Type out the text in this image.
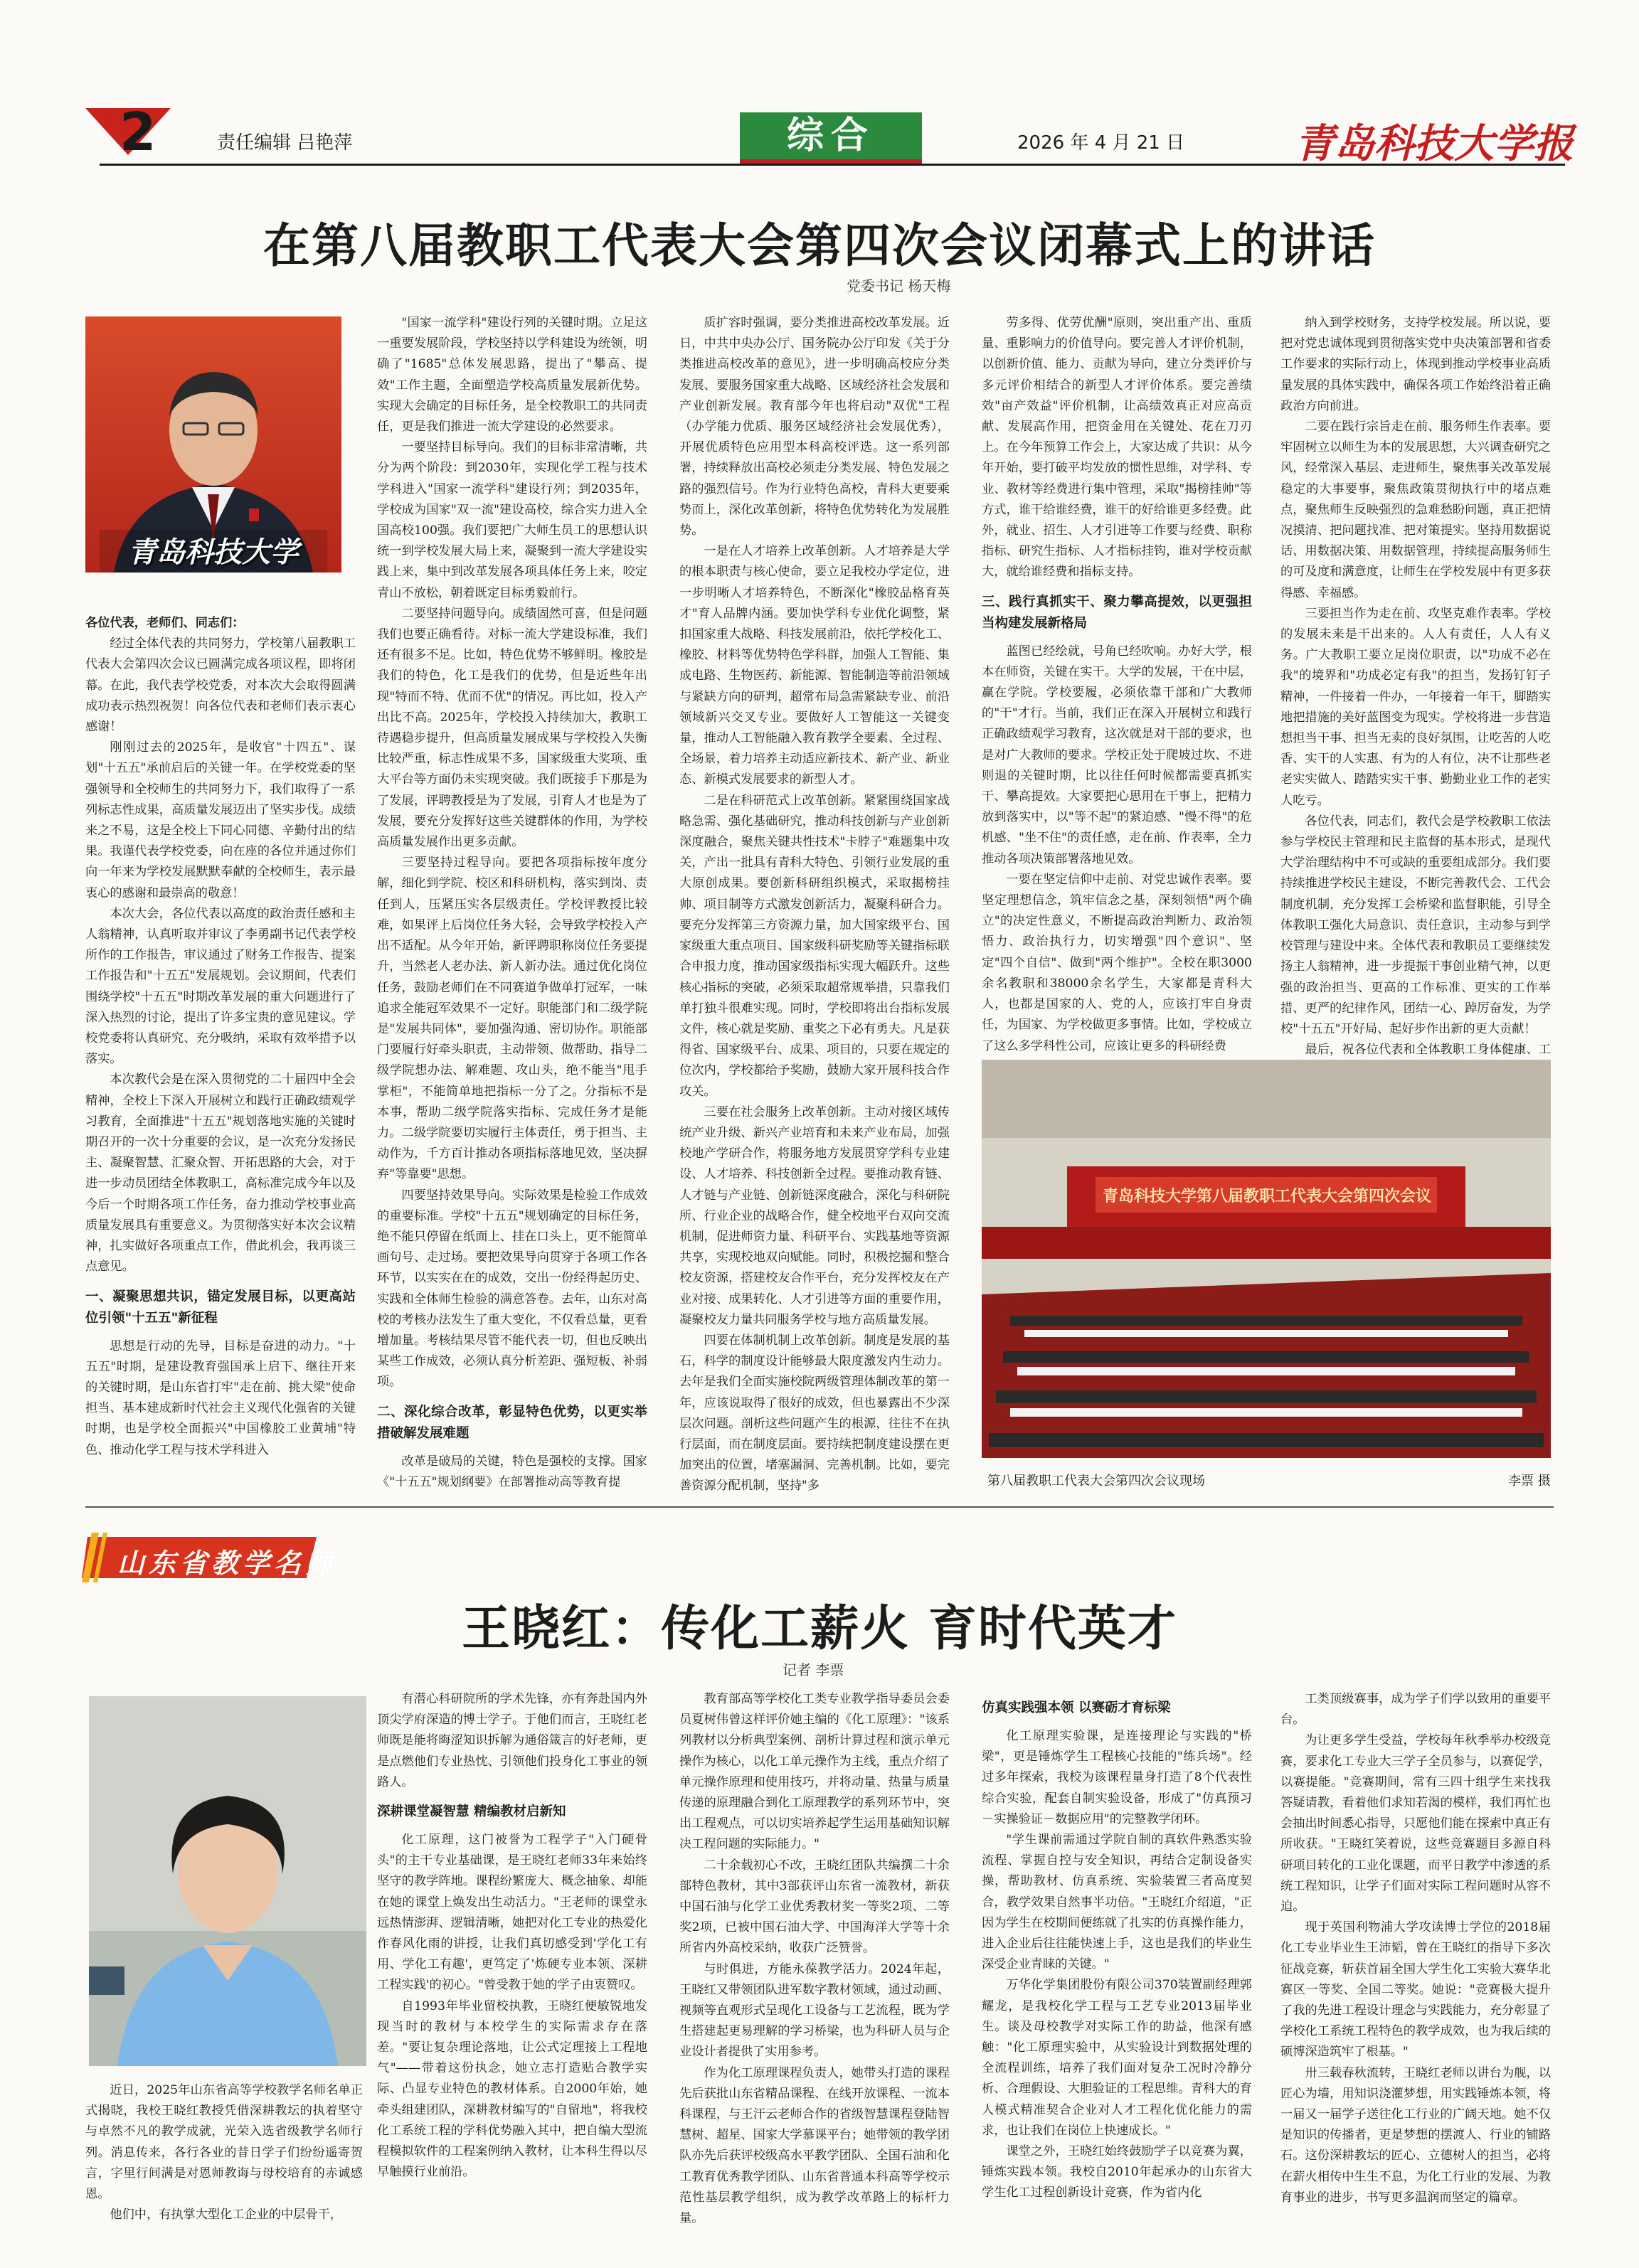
2	责任编辑 吕艳萍	综合	2026 年 4 月 21 日	青岛科技大学报
在第八届教职工代表大会第四次会议闭幕式上的讲话
党委书记 杨天梅
青岛科技大学

各位代表，老师们、同志们：

经过全体代表的共同努力，学校第八届教职工代表大会第四次会议已圆满完成各项议程，即将闭幕。在此，我代表学校党委，对本次大会取得圆满成功表示热烈祝贺！向各位代表和老师们表示衷心感谢！

刚刚过去的2025年，是收官"十四五"、谋划"十五五"承前启后的关键一年。在学校党委的坚强领导和全校师生的共同努力下，我们取得了一系列标志性成果，高质量发展迈出了坚实步伐。成绩来之不易，这是全校上下同心同德、辛勤付出的结果。我谨代表学校党委，向在座的各位并通过你们向一年来为学校发展默默奉献的全校师生，表示最衷心的感谢和最崇高的敬意！

本次大会，各位代表以高度的政治责任感和主人翁精神，认真听取并审议了李勇副书记代表学校所作的工作报告，审议通过了财务工作报告、提案工作报告和"十五五"发展规划。会议期间，代表们围绕学校"十五五"时期改革发展的重大问题进行了深入热烈的讨论，提出了许多宝贵的意见建议。学校党委将认真研究、充分吸纳，采取有效举措予以落实。

本次教代会是在深入贯彻党的二十届四中全会精神，全校上下深入开展树立和践行正确政绩观学习教育，全面推进"十五五"规划落地实施的关键时期召开的一次十分重要的会议，是一次充分发扬民主、凝聚智慧、汇聚众智、开拓思路的大会，对于进一步动员团结全体教职工，高标准完成今年以及今后一个时期各项工作任务，奋力推动学校事业高质量发展具有重要意义。为贯彻落实好本次会议精神，扎实做好各项重点工作，借此机会，我再谈三点意见。

一、凝聚思想共识，锚定发展目标，以更高站位引领"十五五"新征程

思想是行动的先导，目标是奋进的动力。"十五五"时期，是建设教育强国承上启下、继往开来的关键时期，是山东省打牢"走在前、挑大梁"使命担当、基本建成新时代社会主义现代化强省的关键时期，也是学校全面振兴"中国橡胶工业黄埔"特色、推动化学工程与技术学科进入

"国家一流学科"建设行列的关键时期。立足这一重要发展阶段，学校坚持以学科建设为统领，明确了"1685"总体发展思路，提出了"攀高、提效"工作主题，全面塑造学校高质量发展新优势。实现大会确定的目标任务，是全校教职工的共同责任，更是我们推进一流大学建设的必然要求。

一要坚持目标导向。我们的目标非常清晰，共分为两个阶段：到2030年，实现化学工程与技术学科进入"国家一流学科"建设行列；到2035年，学校成为国家"双一流"建设高校，综合实力进入全国高校100强。我们要把广大师生员工的思想认识统一到学校发展大局上来，凝聚到一流大学建设实践上来，集中到改革发展各项具体任务上来，咬定青山不放松，朝着既定目标勇毅前行。

二要坚持问题导向。成绩固然可喜，但是问题我们也要正确看待。对标一流大学建设标准，我们还有很多不足。比如，特色优势不够鲜明。橡胶是我们的特色，化工是我们的优势，但是近些年出现"特而不特、优而不优"的情况。再比如，投入产出比不高。2025年，学校投入持续加大，教职工待遇稳步提升，但高质量发展成果与学校投入失衡比较严重，标志性成果不多，国家级重大奖项、重大平台等方面仍未实现突破。我们既接手下那是为了发展，评聘教授是为了发展，引育人才也是为了发展，要充分发挥好这些关键群体的作用，为学校高质量发展作出更多贡献。

三要坚持过程导向。要把各项指标按年度分解，细化到学院、校区和科研机构，落实到岗、责任到人，压紧压实各层级责任。学校评教授比较难，如果评上后岗位任务大轻，会导致学校投入产出不适配。从今年开始，新评聘职称岗位任务要提升，当然老人老办法、新人新办法。通过优化岗位任务，鼓励老师们在不同赛道争做单打冠军，一味追求全能冠军效果不一定好。职能部门和二级学院是"发展共同体"，要加强沟通、密切协作。职能部门要履行好牵头职责，主动带领、做帮助、指导二级学院想办法、解难题、攻山头，绝不能当"甩手掌柜"，不能简单地把指标一分了之。分指标不是本事，帮助二级学院落实指标、完成任务才是能力。二级学院要切实履行主体责任，勇于担当、主动作为，千方百计推动各项指标落地见效，坚决摒弃"等靠要"思想。

四要坚持效果导向。实际效果是检验工作成效的重要标准。学校"十五五"规划确定的目标任务，绝不能只停留在纸面上、挂在口头上，更不能简单画句号、走过场。要把效果导向贯穿于各项工作各环节，以实实在在的成效，交出一份经得起历史、实践和全体师生检验的满意答卷。去年，山东对高校的考核办法发生了重大变化，不仅看总量，更看增加量。考核结果尽管不能代表一切，但也反映出某些工作成效，必须认真分析差距、强短板、补弱项。

二、深化综合改革，彰显特色优势，以更实举措破解发展难题

改革是破局的关键，特色是强校的支撑。国家《"十五五"规划纲要》在部署推动高等教育提

质扩容时强调，要分类推进高校改革发展。近日，中共中央办公厅、国务院办公厅印发《关于分类推进高校改革的意见》，进一步明确高校应分类发展、要服务国家重大战略、区域经济社会发展和产业创新发展。教育部今年也将启动"双优"工程（办学能力优质、服务区域经济社会发展优秀），开展优质特色应用型本科高校评选。这一系列部署，持续释放出高校必须走分类发展、特色发展之路的强烈信号。作为行业特色高校，青科大更要乘势而上，深化改革创新，将特色优势转化为发展胜势。

一是在人才培养上改革创新。人才培养是大学的根本职责与核心使命，要立足我校办学定位，进一步明晰人才培养特色，不断深化"橡胶品格育英才"育人品牌内涵。要加快学科专业优化调整，紧扣国家重大战略、科技发展前沿，依托学校化工、橡胶、材料等优势特色学科群，加强人工智能、集成电路、生物医药、新能源、智能制造等前沿领域与紧缺方向的研判，超常布局急需紧缺专业、前沿领域新兴交叉专业。要做好人工智能这一关键变量，推动人工智能融入教育教学全要素、全过程、全场景，着力培养主动适应新技术、新产业、新业态、新模式发展要求的新型人才。

二是在科研范式上改革创新。紧紧围绕国家战略急需、强化基础研究，推动科技创新与产业创新深度融合，聚焦关键共性技术"卡脖子"难题集中攻关，产出一批具有青科大特色、引领行业发展的重大原创成果。要创新科研组织模式，采取揭榜挂帅、项目制等方式激发创新活力，凝聚科研合力。要充分发挥第三方资源力量，加大国家级平台、国家级重大重点项目、国家级科研奖励等关键指标联合申报力度，推动国家级指标实现大幅跃升。这些核心指标的突破，必须采取超常规举措，只靠我们单打独斗很难实现。同时，学校即将出台指标发展文件，核心就是奖励、重奖之下必有勇夫。凡是获得省、国家级平台、成果、项目的，只要在规定的位次内，学校都给予奖励，鼓励大家开展科技合作攻关。

三要在社会服务上改革创新。主动对接区域传统产业升级、新兴产业培育和未来产业布局，加强校地产学研合作，将服务地方发展贯穿学科专业建设、人才培养、科技创新全过程。要推动教育链、人才链与产业链、创新链深度融合，深化与科研院所、行业企业的战略合作，健全校地平台双向交流机制，促进师资力量、科研平台、实践基地等资源共享，实现校地双向赋能。同时，积极挖掘和整合校友资源，搭建校友合作平台，充分发挥校友在产业对接、成果转化、人才引进等方面的重要作用，凝聚校友力量共同服务学校与地方高质量发展。

四要在体制机制上改革创新。制度是发展的基石，科学的制度设计能够最大限度激发内生动力。去年是我们全面实施校院两级管理体制改革的第一年，应该说取得了很好的成效，但也暴露出不少深层次问题。剖析这些问题产生的根源，往往不在执行层面，而在制度层面。要持续把制度建设摆在更加突出的位置，堵塞漏洞、完善机制。比如，要完善资源分配机制，坚持"多

劳多得、优劳优酬"原则，突出重产出、重质量、重影响力的价值导向。要完善人才评价机制，以创新价值、能力、贡献为导向，建立分类评价与多元评价相结合的新型人才评价体系。要完善绩效"亩产效益"评价机制，让高绩效真正对应高贡献、发展高作用，把资金用在关键处、花在刀刃上。在今年预算工作会上，大家达成了共识：从今年开始，要打破平均发放的惯性思维，对学科、专业、教材等经费进行集中管理，采取"揭榜挂帅"等方式，谁干给谁经费，谁干的好给谁更多经费。此外，就业、招生、人才引进等工作要与经费、职称指标、研究生指标、人才指标挂钩，谁对学校贡献大，就给谁经费和指标支持。

三、践行真抓实干、聚力攀高提效，以更强担当构建发展新格局

蓝图已经绘就，号角已经吹响。办好大学，根本在师资，关键在实干。大学的发展，干在中层，赢在学院。学校要履，必须依靠干部和广大教师的"干"才行。当前，我们正在深入开展树立和践行正确政绩观学习教育，这次就是对干部的要求，也是对广大教师的要求。学校正处于爬坡过坎、不进则退的关键时期，比以往任何时候都需要真抓实干、攀高提效。大家要把心思用在干事上，把精力放到落实中，以"等不起"的紧迫感、"慢不得"的危机感、"坐不住"的责任感，走在前、作表率，全力推动各项决策部署落地见效。

一要在坚定信仰中走前、对党忠诚作表率。要坚定理想信念，筑牢信念之基，深刻领悟"两个确立"的决定性意义，不断提高政治判断力、政治领悟力、政治执行力，切实增强"四个意识"、坚定"四个自信"、做到"两个维护"。全校在职3000余名教职和38000余名学生，大家都是青科大人，也都是国家的人、党的人，应该打牢自身责任，为国家、为学校做更多事情。比如，学校成立了这么多学科性公司，应该让更多的科研经费

纳入到学校财务，支持学校发展。所以说，要把对党忠诚体现到贯彻落实党中央决策部署和省委工作要求的实际行动上，体现到推动学校事业高质量发展的具体实践中，确保各项工作始终沿着正确政治方向前进。

二要在践行宗旨走在前、服务师生作表率。要牢固树立以师生为本的发展思想，大兴调查研究之风，经常深入基层、走进师生，聚焦事关改革发展稳定的大事要事，聚焦政策贯彻执行中的堵点难点，聚焦师生反映强烈的急难愁盼问题，真正把情况摸清、把问题找准、把对策提实。坚持用数据说话、用数据决策、用数据管理，持续提高服务师生的可及度和满意度，让师生在学校发展中有更多获得感、幸福感。

三要担当作为走在前、攻坚克难作表率。学校的发展未来是干出来的。人人有责任，人人有义务。广大教职工要立足岗位职责，以"功成不必在我"的境界和"功成必定有我"的担当，发扬钉钉子精神，一件接着一件办，一年接着一年干，脚踏实地把措施的美好蓝图变为现实。学校将进一步营造想担当干事、担当无卖的良好氛围，让吃苦的人吃香、实干的人实惠、有为的人有位，决不让那些老老实实做人、踏踏实实干事、勤勤业业工作的老实人吃亏。

各位代表，同志们，教代会是学校教职工依法参与学校民主管理和民主监督的基本形式，是现代大学治理结构中不可或缺的重要组成部分。我们要持续推进学校民主建设，不断完善教代会、工代会制度机制，充分发挥工会桥梁和监督职能，引导全体教职工强化大局意识、责任意识，主动参与到学校管理与建设中来。全体代表和教职员工要继续发扬主人翁精神，进一步提振干事创业精气神，以更强的政治担当、更高的工作标准、更实的工作举措、更严的纪律作风，团结一心、踔厉奋发，为学校"十五五"开好局、起好步作出新的更大贡献！

最后，祝各位代表和全体教职工身体健康、工

青岛科技大学第八届教职工代表大会第四次会议
第八届教职工代表大会第四次会议现场	李票 摄
山东省教学名师
王晓红：传化工薪火 育时代英才
记者 李票

近日，2025年山东省高等学校教学名师名单正式揭晓，我校王晓红教授凭借深耕教坛的执着坚守与卓然不凡的教学成就，光荣入选省级教学名师行列。消息传来，各行各业的昔日学子们纷纷遥寄贺言，字里行间满是对恩师教诲与母校培育的赤诚感恩。

他们中，有执掌大型化工企业的中层骨干，

有潜心科研院所的学术先锋，亦有奔赴国内外顶尖学府深造的博士学子。于他们而言，王晓红老师既是能将晦涩知识拆解为通俗箴言的好老师，更是点燃他们专业热忱、引领他们投身化工事业的领路人。

深耕课堂凝智慧 精编教材启新知

化工原理，这门被誉为工程学子"入门硬骨头"的主干专业基础课，是王晓红老师33年来始终坚守的教学阵地。课程纷繁庞大、概念抽象、却能在她的课堂上焕发出生动活力。"王老师的课堂永远热情澎湃、逻辑清晰，她把对化工专业的热爱化作春风化雨的讲授，让我们真切感受到'学化工有用、学化工有趣'，更笃定了'炼硬专业本领、深耕工程实践'的初心。"曾受教于她的学子由衷赞叹。

自1993年毕业留校执教，王晓红便敏锐地发现当时的教材与本校学生的实际需求存在落差。"要让复杂理论落地，让公式定理接上工程地气"——带着这份执念，她立志打造贴合教学实际、凸显专业特色的教材体系。自2000年始，她牵头组建团队，深耕教材编写的"自留地"，将我校化工系统工程的学科优势融入其中，把自编大型流程模拟软件的工程案例纳入教材，让本科生得以尽早触摸行业前沿。

教育部高等学校化工类专业教学指导委员会委员夏树伟曾这样评价她主编的《化工原理》："该系列教材以分析典型案例、剖析计算过程和演示单元操作为核心，以化工单元操作为主线，重点介绍了单元操作原理和使用技巧，并将动量、热量与质量传递的原理融合到化工原理教学的系列环节中，突出工程观点，可以切实培养起学生运用基础知识解决工程问题的实际能力。"

二十余载初心不改，王晓红团队共编撰二十余部特色教材，其中3部获评山东省一流教材，新获中国石油与化学工业优秀教材奖一等奖2项、二等奖2项，已被中国石油大学、中国海洋大学等十余所省内外高校采纳，收获广泛赞誉。

与时俱进，方能永葆教学活力。2024年起，王晓红又带领团队进军数字教材领域，通过动画、视频等直观形式呈现化工设备与工艺流程，既为学生搭建起更易理解的学习桥梁，也为科研人员与企业设计者提供了实用参考。

作为化工原理课程负责人，她带头打造的课程先后获批山东省精品课程、在线开放课程、一流本科课程，与王汗云老师合作的省级智慧课程登陆智慧树、超星、国家大学慕课平台；她带领的教学团队亦先后获评校级高水平教学团队、全国石油和化工教育优秀教学团队、山东省普通本科高等学校示范性基层教学组织，成为教学改革路上的标杆力量。

仿真实践强本领 以赛砺才育标梁

化工原理实验课，是连接理论与实践的"桥梁"，更是锤炼学生工程核心技能的"练兵场"。经过多年探索，我校为该课程量身打造了8个代表性综合实验，配套自制实验设备，形成了"仿真预习－实操验证－数据应用"的完整教学闭环。

"学生课前需通过学院自制的真软件熟悉实验流程、掌握自控与安全知识，再结合定制设备实操，帮助教材、仿真系统、实验装置三者高度契合，教学效果自然事半功倍。"王晓红介绍道，"正因为学生在校期间便练就了扎实的仿真操作能力，进入企业后往往能快速上手，这也是我们的毕业生深受企业青睐的关键。"

万华化学集团股份有限公司370装置副经理郭耀龙，是我校化学工程与工艺专业2013届毕业生。谈及母校教学对实际工作的助益，他深有感触："化工原理实验中，从实验设计到数据处理的全流程训练，培养了我们面对复杂工况时冷静分析、合理假设、大胆验证的工程思维。青科大的育人模式精准契合企业对人才工程化优化能力的需求，也让我们在岗位上快速成长。"

课堂之外，王晓红始终鼓励学子以竞赛为翼，锤炼实践本领。我校自2010年起承办的山东省大学生化工过程创新设计竞赛，作为省内化

工类顶级赛事，成为学子们学以致用的重要平台。

为让更多学生受益，学校每年秋季举办校级竞赛，要求化工专业大三学子全员参与，以赛促学，以赛提能。"竞赛期间，常有三四十组学生来找我答疑请教，看着他们求知若渴的模样，我们再忙也会抽出时间悉心指导，只愿他们能在探索中真正有所收获。"王晓红笑着说，这些竞赛题目多源自科研项目转化的工业化课题，而平日教学中渗透的系统工程知识，让学子们面对实际工程问题时从容不迫。

现于英国利物浦大学攻读博士学位的2018届化工专业毕业生王沛韬，曾在王晓红的指导下多次征战竞赛，斩获首届全国大学生化工实验大赛华北赛区一等奖、全国二等奖。她说："竞赛极大提升了我的先进工程设计理念与实践能力，充分彰显了学校化工系统工程特色的教学成效，也为我后续的硕博深造筑牢了根基。"

卅三载春秋流转，王晓红老师以讲台为舰，以匠心为墙，用知识浇灌梦想，用实践锤炼本领，将一届又一届学子送往化工行业的广阔天地。她不仅是知识的传播者，更是梦想的摆渡人、行业的铺路石。这份深耕教坛的匠心、立德树人的担当，必将在薪火相传中生生不息，为化工行业的发展、为教育事业的进步，书写更多温润而坚定的篇章。
